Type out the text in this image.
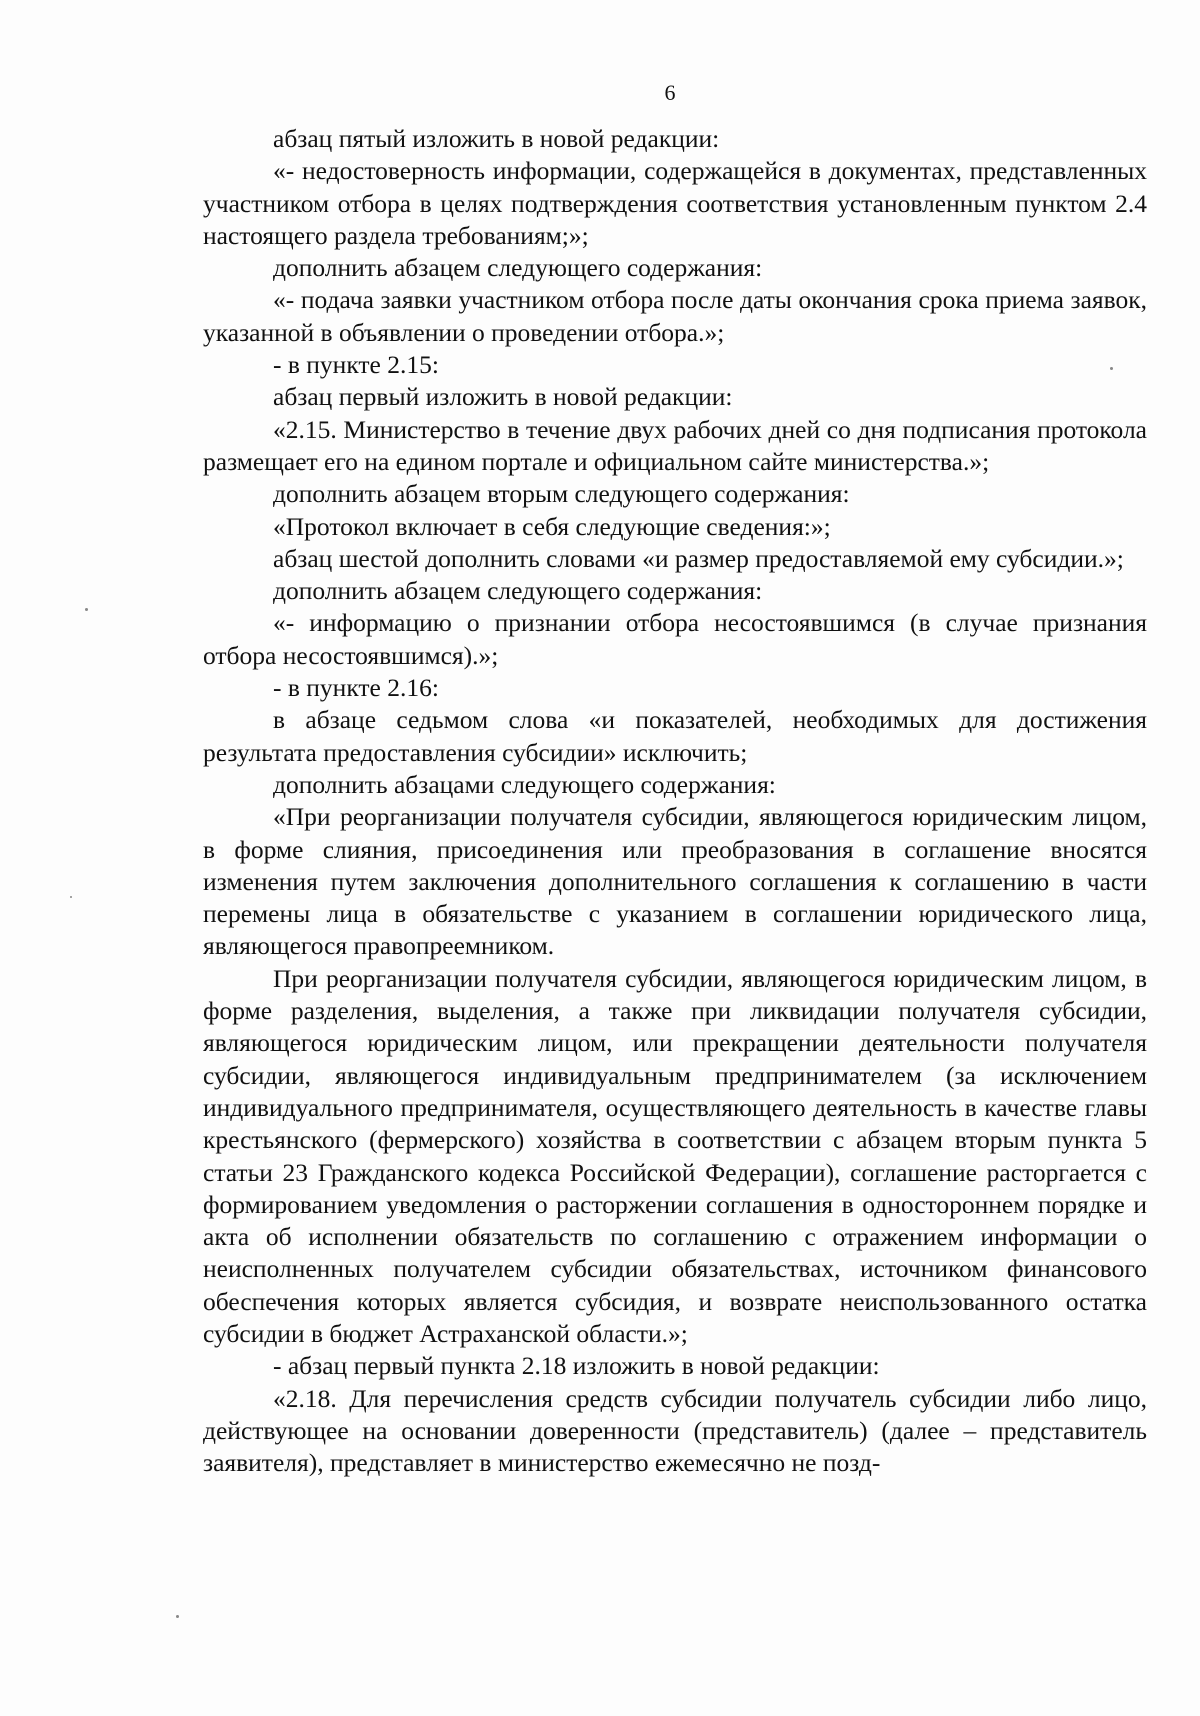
6

абзац пятый изложить в новой редакции:

«- недостоверность информации, содержащейся в документах, представленных участником отбора в целях подтверждения соответствия установленным пунктом 2.4 настоящего раздела требованиям;»;

дополнить абзацем следующего содержания:

«- подача заявки участником отбора после даты окончания срока приема заявок, указанной в объявлении о проведении отбора.»;

- в пункте 2.15:

абзац первый изложить в новой редакции:

«2.15. Министерство в течение двух рабочих дней со дня подписания протокола размещает его на едином портале и официальном сайте министерства.»;

дополнить абзацем вторым следующего содержания:

«Протокол включает в себя следующие сведения:»;

абзац шестой дополнить словами «и размер предоставляемой ему субсидии.»;

дополнить абзацем следующего содержания:

«- информацию о признании отбора несостоявшимся (в случае признания отбора несостоявшимся).»;

- в пункте 2.16:

в абзаце седьмом слова «и показателей, необходимых для достижения результата предоставления субсидии» исключить;

дополнить абзацами следующего содержания:

«При реорганизации получателя субсидии, являющегося юридическим лицом, в форме слияния, присоединения или преобразования в соглашение вносятся изменения путем заключения дополнительного соглашения к соглашению в части перемены лица в обязательстве с указанием в соглашении юридического лица, являющегося правопреемником.

При реорганизации получателя субсидии, являющегося юридическим лицом, в форме разделения, выделения, а также при ликвидации получателя субсидии, являющегося юридическим лицом, или прекращении деятельности получателя субсидии, являющегося индивидуальным предпринимателем (за исключением индивидуального предпринимателя, осуществляющего деятельность в качестве главы крестьянского (фермерского) хозяйства в соответствии с абзацем вторым пункта 5 статьи 23 Гражданского кодекса Российской Федерации), соглашение расторгается с формированием уведомления о расторжении соглашения в одностороннем порядке и акта об исполнении обязательств по соглашению с отражением информации о неисполненных получателем субсидии обязательствах, источником финансового обеспечения которых является субсидия, и возврате неиспользованного остатка субсидии в бюджет Астраханской области.»;

- абзац первый пункта 2.18 изложить в новой редакции:

«2.18. Для перечисления средств субсидии получатель субсидии либо лицо, действующее на основании доверенности (представитель) (далее – представитель заявителя), представляет в министерство ежемесячно не позд-
